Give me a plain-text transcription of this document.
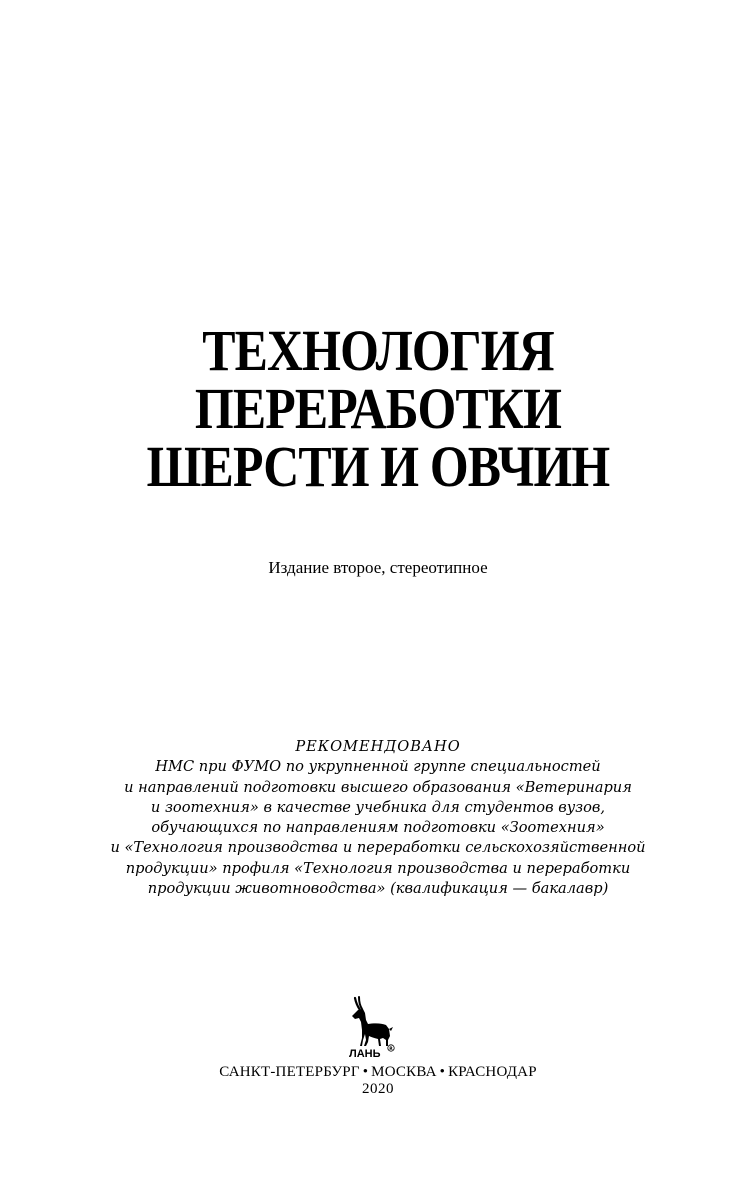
ТЕХНОЛОГИЯ
ПЕРЕРАБОТКИ
ШЕРСТИ И ОВЧИН
Издание второе, стереотипное
РЕКОМЕНДОВАНО
НМС при ФУМО по укрупненной группе специальностей
и направлений подготовки высшего образования «Ветеринария
и зоотехния» в качестве учебника для студентов вузов,
обучающихся по направлениям подготовки «Зоотехния»
и «Технология производства и переработки сельскохозяйственной
продукции» профиля «Технология производства и переработки
продукции животноводства» (квалификация — бакалавр)
ЛАНЬ R
САНКТ-ПЕТЕРБУРГ • МОСКВА • КРАСНОДАР
2020
